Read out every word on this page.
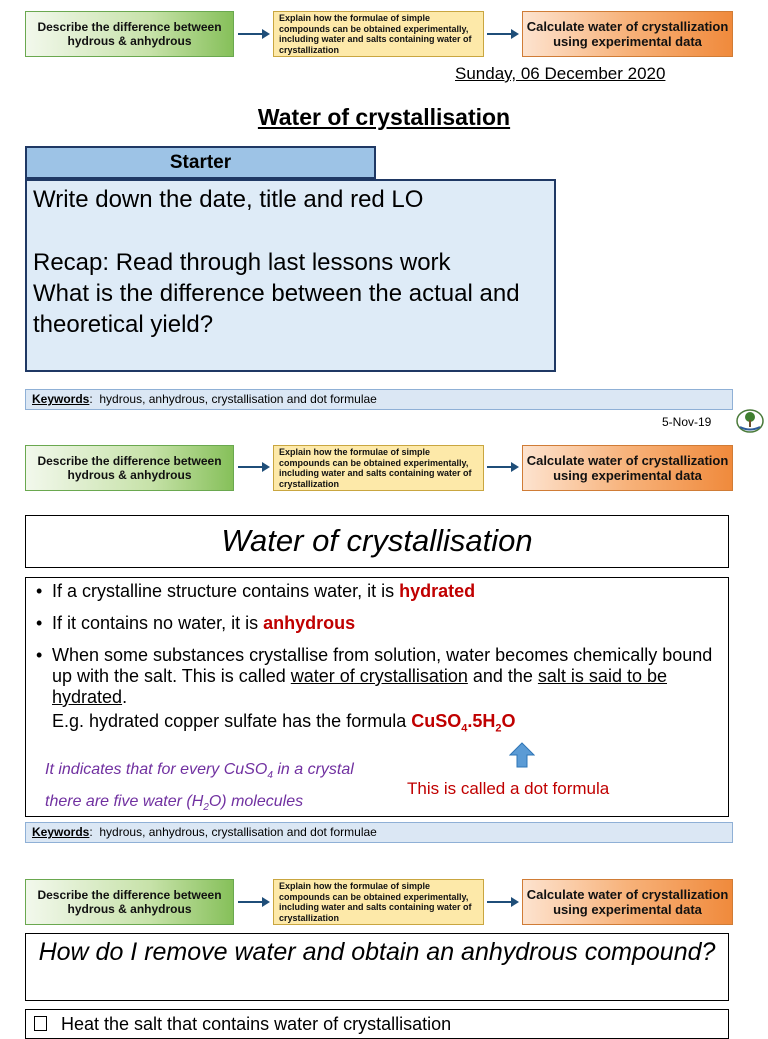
Describe the difference between hydrous & anhydrous
Explain how the formulae of simple compounds can be obtained experimentally, including water and salts containing water of crystallization
Calculate water of crystallization using experimental data
Sunday, 06 December 2020
Water of crystallisation
Starter
Write down the date, title and red LO
Recap: Read through last lessons work
What is the difference between the actual and theoretical yield?
Keywords:  hydrous, anhydrous, crystallisation and dot formulae
5-Nov-19
Describe the difference between hydrous & anhydrous
Explain how the formulae of simple compounds can be obtained experimentally, including water and salts containing water of crystallization
Calculate water of crystallization using experimental data
Water of crystallisation
• If a crystalline structure contains water, it is hydrated
• If it contains no water, it is anhydrous
• When some substances crystallise from solution, water becomes chemically bound up with the salt. This is called water of crystallisation and the salt is said to be hydrated.
E.g. hydrated copper sulfate has the formula $CuSO_4.5H_2O$
It indicates that for every CuSO$_4$ in a crystal
there are five water $(H_2O)$ molecules
This is called a dot formula
Keywords:  hydrous, anhydrous, crystallisation and dot formulae
Describe the difference between hydrous & anhydrous
Explain how the formulae of simple compounds can be obtained experimentally, including water and salts containing water of crystallization
Calculate water of crystallization using experimental data
How do I remove water and obtain an anhydrous compound?
Heat the salt that contains water of crystallisation
